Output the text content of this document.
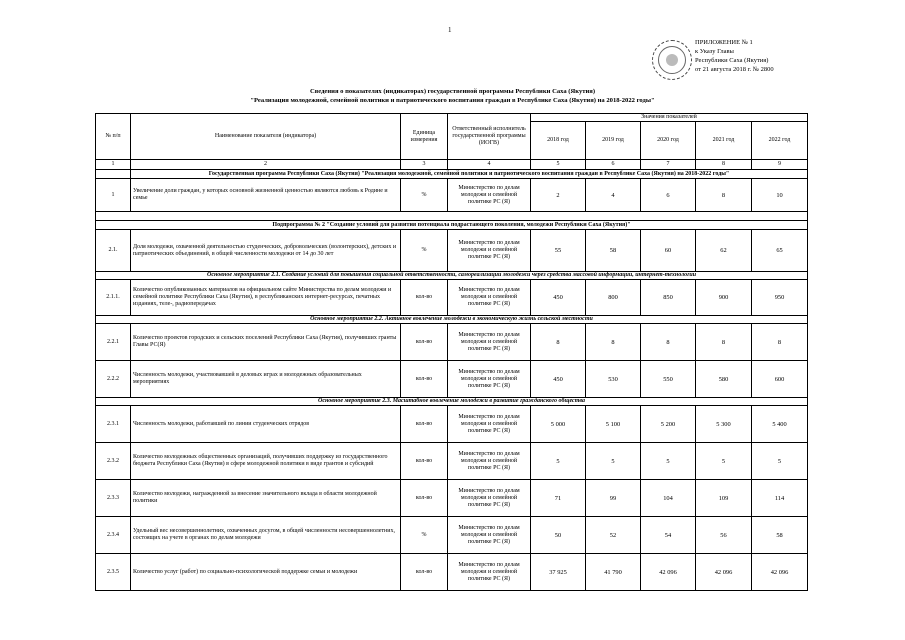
1
ПРИЛОЖЕНИЕ № 1
к Указу Главы
Республики Саха (Якутия)
от 21 августа 2018 г. № 2800
Сведения о показателях (индикаторах) государственной программы Республики Саха (Якутия)
"Реализация молодежной, семейной политики и патриотического воспитания граждан в Республике Саха (Якутия) на 2018-2022 годы"
№ п/п	Наименование показателя (индикатора)	Единица измерения	Ответственный исполнитель государственной программы (ИОГВ)	Значения показателей				
				2018 год	2019 год	2020 год	2021 год	2022 год
1	2	3	4	5	6	7	8	9
	Государственная программа Республики Саха (Якутия) "Реализация молодежной, семейной политики и патриотического воспитания граждан в Республике Саха (Якутия) на 2018-2022 годы"							
1	Увеличение доли граждан, у которых основной жизненной ценностью являются любовь к Родине и семье	%	Министерство по делам молодежи и семейной политике РС (Я)	2	4	6	8	10

Подпрограмма № 2 "Создание условий для развития потенциала подрастающего поколения, молодежи Республики Саха (Якутия)"								
2.1.	Доля молодежи, охваченной деятельностью студенческих, добровольческих (волонтерских), детских и патриотических объединений, в общей численности молодежи от 14 до 30 лет	%	Министерство по делам молодежи и семейной политике РС (Я)	55	58	60	62	65
Основное мероприятие 2.1. Создание условий для повышения социальной ответственности, самореализации молодежи через средства массовой информации, интернет-технологии								
2.1.1.	Количество опубликованных материалов на официальном сайте Министерства по делам молодежи и семейной политике Республики Саха (Якутия), в республиканских интернет-ресурсах, печатных изданиях, теле-, радиопередачах	кол-во	Министерство по делам молодежи и семейной политике РС (Я)	450	800	850	900	950
Основное мероприятие 2.2. Активное вовлечение молодежи в экономическую жизнь сельской местности								
2.2.1	Количество проектов городских и сельских поселений Республики Саха (Якутия), получивших гранты Главы РС(Я)	кол-во	Министерство по делам молодежи и семейной политике РС (Я)	8	8	8	8	8
2.2.2	Численность молодежи, участвовавшей в деловых играх и молодежных образовательных мероприятиях	кол-во	Министерство по делам молодежи и семейной политике РС (Я)	450	530	550	580	600
Основное мероприятие 2.3. Масштабное вовлечение молодежи в развитие гражданского общества								
2.3.1	Численность молодежи, работавшей по линии студенческих отрядов	кол-во	Министерство по делам молодежи и семейной политике РС (Я)	5 000	5 100	5 200	5 300	5 400
2.3.2	Количество молодежных общественных организаций, получивших поддержку из государственного бюджета Республики Саха (Якутия) в сфере молодежной политики в виде грантов и субсидий	кол-во	Министерство по делам молодежи и семейной политике РС (Я)	5	5	5	5	5
2.3.3	Количество молодежи, награжденной за внесение значительного вклада в области молодежной политики	кол-во	Министерство по делам молодежи и семейной политике РС (Я)	71	99	104	109	114
2.3.4	Удельный вес несовершеннолетних, охваченных досугом, в общей численности несовершеннолетних, состоящих на учете в органах по делам молодежи	%	Министерство по делам молодежи и семейной политике РС (Я)	50	52	54	56	58
2.3.5	Количество услуг (работ) по социально-психологической поддержке семьи и молодежи	кол-во	Министерство по делам молодежи и семейной политике РС (Я)	37 925	41 790	42 096	42 096	42 096
